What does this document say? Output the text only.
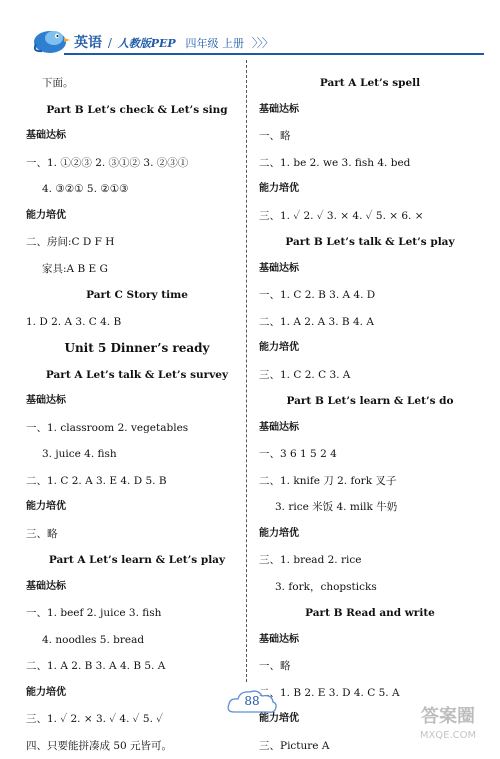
英语 / 人教版PEP 四年级 上册 〉〉〉
下面。
Part B Let’s check & Let’s sing
基础达标
一、1. ①②③ 2. ③①② 3. ②③①
4. ③②① 5. ②①③
能力培优
二、房间:C D F H
家具:A B E G
Part C Story time
1. D 2. A 3. C 4. B
Unit 5 Dinner’s ready
Part A Let’s talk & Let’s survey
基础达标
一、1. classroom 2. vegetables
3. juice 4. fish
二、1. C 2. A 3. E 4. D 5. B
能力培优
三、略
Part A Let’s learn & Let’s play
基础达标
一、1. beef 2. juice 3. fish
4. noodles 5. bread
二、1. A 2. B 3. A 4. B 5. A
能力培优
三、1. ✓ 2. × 3. ✓ 4. ✓ 5. ✓
四、只要能拼凑成 50 元皆可。
Part A Let’s spell
基础达标
一、略
二、1. be 2. we 3. fish 4. bed
能力培优
三、1. ✓ 2. ✓ 3. × 4. ✓ 5. × 6. ×
Part B Let’s talk & Let’s play
基础达标
一、1. C 2. B 3. A 4. D
二、1. A 2. A 3. B 4. A
能力培优
三、1. C 2. C 3. A
Part B Let’s learn & Let’s do
基础达标
一、3 6 1 5 2 4
二、1. knife 刀 2. fork 叉子
3. rice 米饭 4. milk 牛奶
能力培优
三、1. bread 2. rice
3. fork，chopsticks
Part B Read and write
基础达标
一、略
二、1. B 2. E 3. D 4. C 5. A
能力培优
三、Picture A
88
答案圈
MXQE.COM
